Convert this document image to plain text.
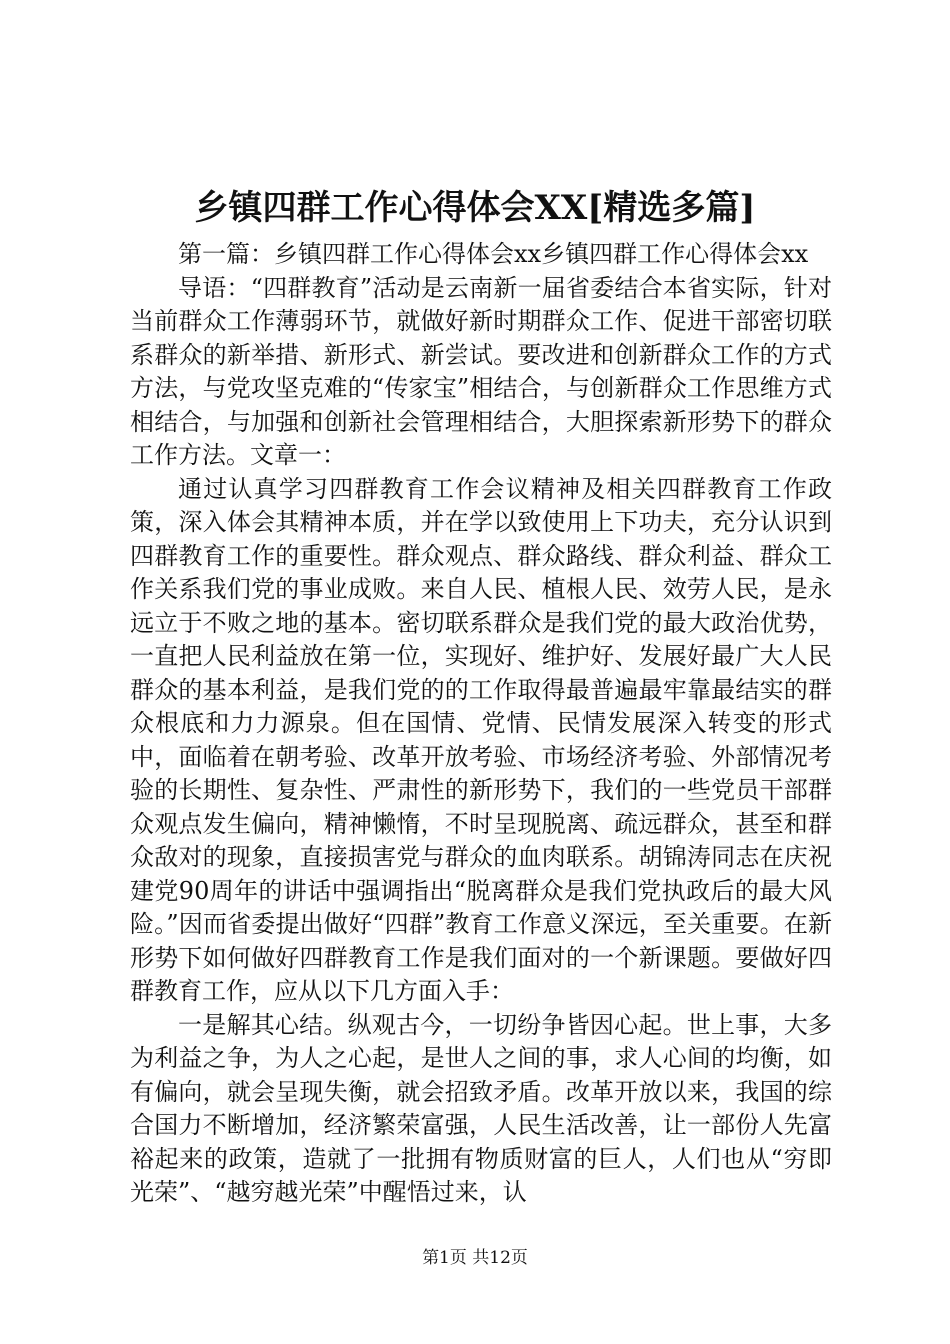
乡镇四群工作心得体会XX[精选多篇]

第一篇：乡镇四群工作心得体会xx乡镇四群工作心得体会xx

导语：“四群教育”活动是云南新一届省委结合本省实际，针对当前群众工作薄弱环节，就做好新时期群众工作、促进干部密切联系群众的新举措、新形式、新尝试。要改进和创新群众工作的方式方法，与党攻坚克难的“传家宝”相结合，与创新群众工作思维方式相结合，与加强和创新社会管理相结合，大胆探索新形势下的群众工作方法。文章一：

通过认真学习四群教育工作会议精神及相关四群教育工作政策，深入体会其精神本质，并在学以致使用上下功夫，充分认识到四群教育工作的重要性。群众观点、群众路线、群众利益、群众工作关系我们党的事业成败。来自人民、植根人民、效劳人民，是永远立于不败之地的基本。密切联系群众是我们党的最大政治优势，一直把人民利益放在第一位，实现好、维护好、发展好最广大人民群众的基本利益，是我们党的的工作取得最普遍最牢靠最结实的群众根底和力力源泉。但在国情、党情、民情发展深入转变的形式中，面临着在朝考验、改革开放考验、市场经济考验、外部情况考验的长期性、复杂性、严肃性的新形势下，我们的一些党员干部群众观点发生偏向，精神懒惰，不时呈现脱离、疏远群众，甚至和群众敌对的现象，直接损害党与群众的血肉联系。胡锦涛同志在庆祝建党90周年的讲话中强调指出“脱离群众是我们党执政后的最大风险。”因而省委提出做好“四群”教育工作意义深远，至关重要。在新形势下如何做好四群教育工作是我们面对的一个新课题。要做好四群教育工作，应从以下几方面入手：

一是解其心结。纵观古今，一切纷争皆因心起。世上事，大多为利益之争，为人之心起，是世人之间的事，求人心间的均衡，如有偏向，就会呈现失衡，就会招致矛盾。改革开放以来，我国的综合国力不断增加，经济繁荣富强，人民生活改善，让一部份人先富裕起来的政策，造就了一批拥有物质财富的巨人，人们也从“穷即光荣”、“越穷越光荣”中醒悟过来，认

第1页 共12页
